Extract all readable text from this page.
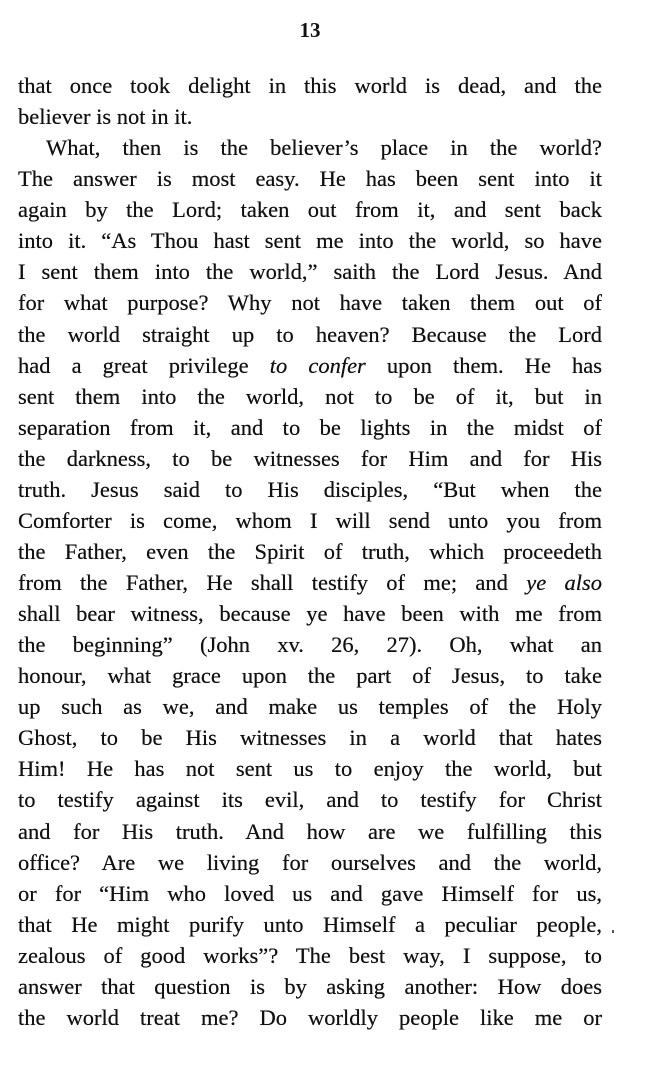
13
that once took delight in this world is dead, and the
believer is not in it.
What, then is the believer’s place in the world?
The answer is most easy. He has been sent into it
again by the Lord; taken out from it, and sent back
into it. “As Thou hast sent me into the world, so have
I sent them into the world,” saith the Lord Jesus. And
for what purpose? Why not have taken them out of
the world straight up to heaven? Because the Lord
had a great privilege to confer upon them. He has
sent them into the world, not to be of it, but in
separation from it, and to be lights in the midst of
the darkness, to be witnesses for Him and for His
truth. Jesus said to His disciples, “But when the
Comforter is come, whom I will send unto you from
the Father, even the Spirit of truth, which proceedeth
from the Father, He shall testify of me; and ye also
shall bear witness, because ye have been with me from
the beginning” (John xv. 26, 27). Oh, what an
honour, what grace upon the part of Jesus, to take
up such as we, and make us temples of the Holy
Ghost, to be His witnesses in a world that hates
Him! He has not sent us to enjoy the world, but
to testify against its evil, and to testify for Christ
and for His truth. And how are we fulfilling this
office? Are we living for ourselves and the world,
or for “Him who loved us and gave Himself for us,
that He might purify unto Himself a peculiar people,
zealous of good works”? The best way, I suppose, to
answer that question is by asking another: How does
the world treat me? Do worldly people like me or
